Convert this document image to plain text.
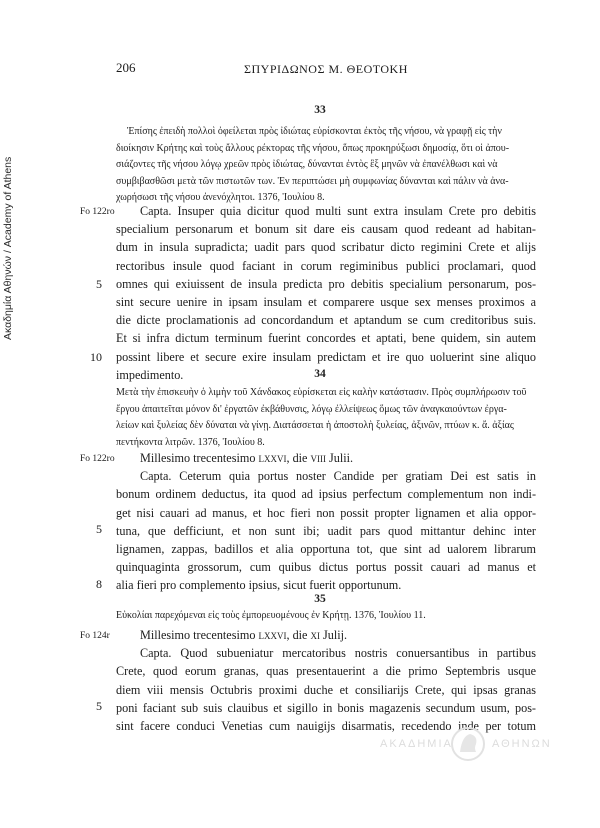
Ακαδημία Αθηνών / Academy of Athens
206	ΣΠΥΡΙΔΩΝΟΣ Μ. ΘΕΟΤΟΚΗ
33
Ἐπίσης ἐπειδὴ πολλοὶ ὀφείλεται πρὸς ἰδιώτας εὑρίσκονται ἐκτὸς τῆς νήσου, νὰ γραφῇ εἰς τὴν
διοίκησιν Κρήτης καὶ τοὺς ἄλλους ρέκτορας τῆς νήσου, ὅπως προκηρύξωσι δημοσίᾳ, ὅτι οἱ ἀπου-
σιάζοντες τῆς νήσου λόγῳ χρεῶν πρὸς ἰδιώτας, δύνανται ἐντὸς ἓξ μηνῶν νὰ ἐπανέλθωσι καὶ νὰ
συμβιβασθῶσι μετὰ τῶν πιστωτῶν των. Ἐν περιπτώσει μὴ συμφωνίας δύνανται καὶ πάλιν νὰ ἀνα-
χωρήσωσι τῆς νήσου ἀνενόχλητοι. 1376, Ἰουλίου 8.
Fo 122ro	Capta. Insuper quia dicitur quod multi sunt extra insulam Crete pro debitis
specialium personarum et bonum sit dare eis causam quod redeant ad habitan-
dum in insula supradicta; uadit pars quod scribatur dicto regimini Crete et alijs
rectoribus insule quod faciant in corum regiminibus publici proclamari, quod
omnes qui exiuissent de insula predicta pro debitis specialium personarum, pos-
sint secure uenire in ipsam insulam et comparere usque sex menses proximos a
die dicte proclamationis ad concordandum et aptandum se cum creditoribus suis.
Et si infra dictum terminum fuerint concordes et aptati, bene quidem, sin autem
possint libere et secure exire insulam predictam et ire quo uoluerint sine aliquo
impedimento.
5
10
34
Μετὰ τὴν ἐπισκευὴν ὁ λιμὴν τοῦ Χάνδακος εὑρίσκεται εἰς καλὴν κατάστασιν. Πρὸς συμπλήρωσιν τοῦ
ἔργου ἀπαιτεῖται μόνον δι' ἐργατῶν ἐκβάθυνσις, λόγῳ ἐλλείψεως ὅμως τῶν ἀναγκαιούντων ἐργα-
λείων καὶ ξυλείας δὲν δύναται νὰ γίνῃ. Διατάσσεται ἡ ἀποστολὴ ξυλείας, ἀξινῶν, πτύων κ. ἄ. ἀξίας
πεντήκοντα λιτρῶν. 1376, Ἰουλίου 8.
Fo 122ro	Millesimo trecentesimo lxxvi, die viii Julii.
Capta. Ceterum quia portus noster Candide per gratiam Dei est satis in
bonum ordinem deductus, ita quod ad ipsius perfectum complementum non indi-
get nisi cauari ad manus, et hoc fieri non possit propter lignamen et alia oppor-
tuna, que defficiunt, et non sunt ibi; uadit pars quod mittantur dehinc inter
lignamen, zappas, badillos et alia opportuna tot, que sint ad ualorem librarum
quinquaginta grossorum, cum quibus dictus portus possit cauari ad manus et
alia fieri pro complemento ipsius, sicut fuerit opportunum.
5
8
35
Εὐκολίαι παρεχόμεναι εἰς τοὺς ἐμπορευομένους ἐν Κρήτῃ. 1376, Ἰουλίου 11.
Fo 124r	Millesimo trecentesimo lxxvi, die xi Julij.
Capta. Quod subueniatur mercatoribus nostris conuersantibus in partibus
Crete, quod eorum granas, quas presentauerint a die primo Septembris usque
diem viii mensis Octubris proximi duche et consiliarijs Crete, qui ipsas granas
poni faciant sub suis clauibus et sigillo in bonis magazenis secundum usum, pos-
sint facere conduci Venetias cum nauigijs disarmatis, recedendo inde per totum
5
ΑΚΑΔΗΜΙΑ	ΑΘΗΝΩΝ
